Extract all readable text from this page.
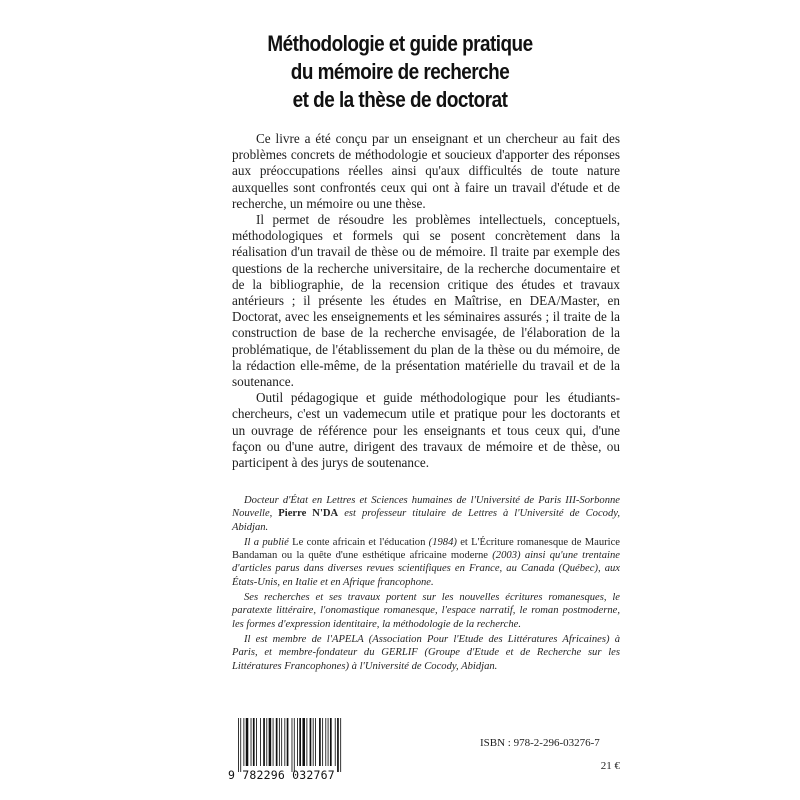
Méthodologie et guide pratique
du mémoire de recherche
et de la thèse de doctorat

Ce livre a été conçu par un enseignant et un chercheur au fait des problèmes concrets de méthodologie et soucieux d'apporter des réponses aux préoccupations réelles ainsi qu'aux difficultés de toute nature auxquelles sont confrontés ceux qui ont à faire un travail d'étude et de recherche, un mémoire ou une thèse.

Il permet de résoudre les problèmes intellectuels, conceptuels, méthodologiques et formels qui se posent concrètement dans la réalisation d'un travail de thèse ou de mémoire. Il traite par exemple des questions de la recherche universitaire, de la recherche documentaire et de la bibliographie, de la recension critique des études et travaux antérieurs ; il présente les études en Maîtrise, en DEA/Master, en Doctorat, avec les enseignements et les séminaires assurés ; il traite de la construction de base de la recherche envisagée, de l'élaboration de la problématique, de l'établissement du plan de la thèse ou du mémoire, de la rédaction elle-même, de la présentation matérielle du travail et de la soutenance.

Outil pédagogique et guide méthodologique pour les étudiants-chercheurs, c'est un vademecum utile et pratique pour les doctorants et un ouvrage de référence pour les enseignants et tous ceux qui, d'une façon ou d'une autre, dirigent des travaux de mémoire et de thèse, ou participent à des jurys de soutenance.

Docteur d'État en Lettres et Sciences humaines de l'Université de Paris III-Sorbonne Nouvelle, Pierre N'DA est professeur titulaire de Lettres à l'Université de Cocody, Abidjan.

Il a publié Le conte africain et l'éducation (1984) et L'Écriture romanesque de Maurice Bandaman ou la quête d'une esthétique africaine moderne (2003) ainsi qu'une trentaine d'articles parus dans diverses revues scientifiques en France, au Canada (Québec), aux États-Unis, en Italie et en Afrique francophone.

Ses recherches et ses travaux portent sur les nouvelles écritures romanesques, le paratexte littéraire, l'onomastique romanesque, l'espace narratif, le roman postmoderne, les formes d'expression identitaire, la méthodologie de la recherche.

Il est membre de l'APELA (Association Pour l'Etude des Littératures Africaines) à Paris, et membre-fondateur du GERLIF (Groupe d'Etude et de Recherche sur les Littératures Francophones) à l'Université de Cocody, Abidjan.

9 782296 032767
ISBN : 978-2-296-03276-7
21 €
